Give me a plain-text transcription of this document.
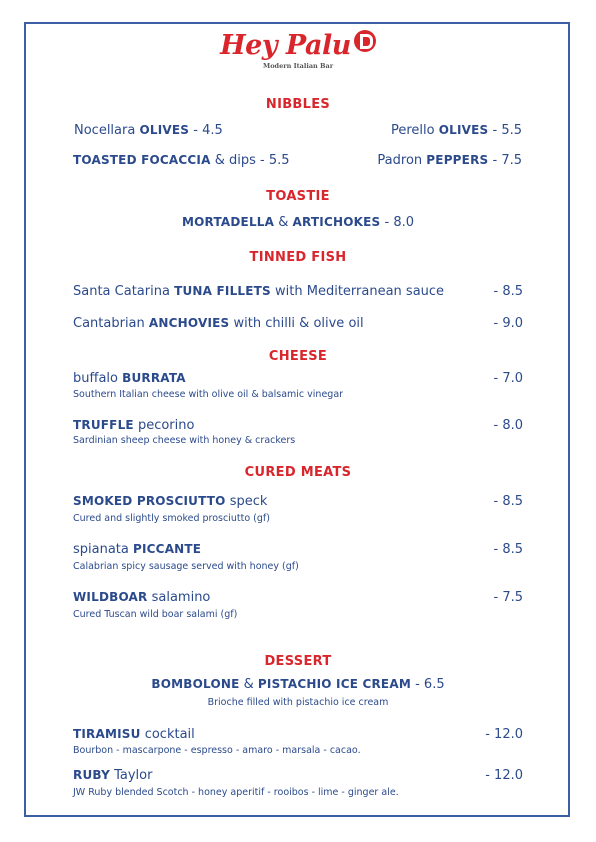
Hey Palu
Modern Italian Bar
NIBBLES
Nocellara OLIVES - 4.5	Perello OLIVES - 5.5
TOASTED FOCACCIA & dips - 5.5	Padron PEPPERS - 7.5
TOASTIE
MORTADELLA & ARTICHOKES - 8.0
TINNED FISH
Santa Catarina TUNA FILLETS with Mediterranean sauce	- 8.5
Cantabrian ANCHOVIES with chilli & olive oil	- 9.0
CHEESE
buffalo BURRATA	- 7.0
Southern Italian cheese with olive oil & balsamic vinegar
TRUFFLE pecorino	- 8.0
Sardinian sheep cheese with honey & crackers
CURED MEATS
SMOKED PROSCIUTTO speck	- 8.5
Cured and slightly smoked prosciutto (gf)
spianata PICCANTE	- 8.5
Calabrian spicy sausage served with honey (gf)
WILDBOAR salamino	- 7.5
Cured Tuscan wild boar salami (gf)
DESSERT
BOMBOLONE & PISTACHIO ICE CREAM - 6.5
Brioche filled with pistachio ice cream
TIRAMISU cocktail	- 12.0
Bourbon - mascarpone - espresso - amaro - marsala - cacao.
RUBY Taylor	- 12.0
JW Ruby blended Scotch - honey aperitif - rooibos - lime - ginger ale.
